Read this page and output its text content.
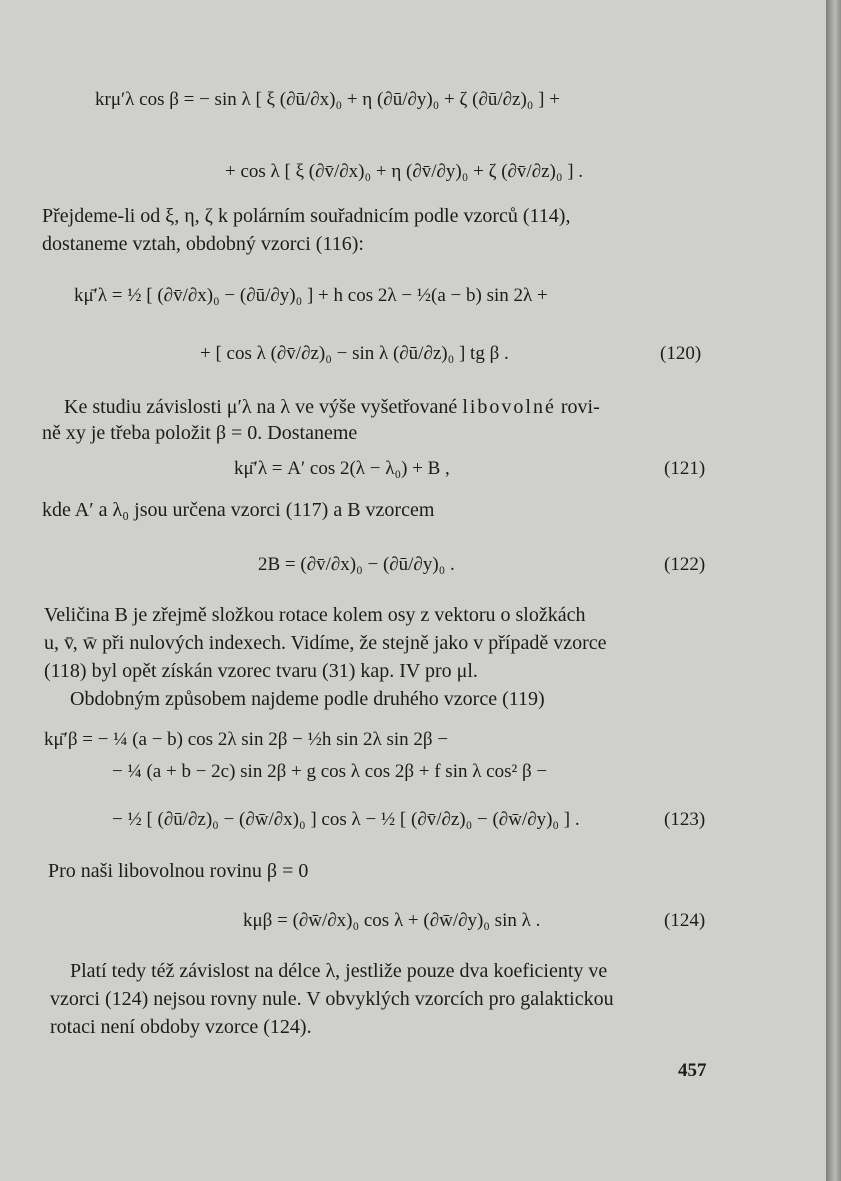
krμ′λ cos β = − sin λ [ ξ (∂ū/∂x)₀ + η (∂ū/∂y)₀ + ζ (∂ū/∂z)₀ ] +
+ cos λ [ ξ (∂v̄/∂x)₀ + η (∂v̄/∂y)₀ + ζ (∂v̄/∂z)₀ ] .
Přejdeme-li od ξ, η, ζ k polárním souřadnicím podle vzorců (114),
dostaneme vztah, obdobný vzorci (116):
kμ̄′λ = ½ [ (∂v̄/∂x)₀ − (∂ū/∂y)₀ ] + h cos 2λ − ½(a − b) sin 2λ +
+ [ cos λ (∂v̄/∂z)₀ − sin λ (∂ū/∂z)₀ ] tg β .	(120)
Ke studiu závislosti μ′λ na λ ve výše vyšetřované libovolné rovi-
ně xy je třeba položit β = 0. Dostaneme
kμ̄′λ = A′ cos 2(λ − λ₀) + B ,	(121)
kde A′ a λ₀ jsou určena vzorci (117) a B vzorcem
2B = (∂v̄/∂x)₀ − (∂ū/∂y)₀ .	(122)
Veličina B je zřejmě složkou rotace kolem osy z vektoru o složkách
u, v̄, w̄ při nulových indexech. Vidíme, že stejně jako v případě vzorce
(118) byl opět získán vzorec tvaru (31) kap. IV pro μl.
Obdobným způsobem najdeme podle druhého vzorce (119)
kμ̄′β = − ¼ (a − b) cos 2λ sin 2β − ½h sin 2λ sin 2β −
− ¼ (a + b − 2c) sin 2β + g cos λ cos 2β + f sin λ cos² β −
− ½ [ (∂ū/∂z)₀ − (∂w̄/∂x)₀ ] cos λ − ½ [ (∂v̄/∂z)₀ − (∂w̄/∂y)₀ ] .	(123)
Pro naši libovolnou rovinu β = 0
kμβ = (∂w̄/∂x)₀ cos λ + (∂w̄/∂y)₀ sin λ .	(124)
Platí tedy též závislost na délce λ, jestliže pouze dva koeficienty ve
vzorci (124) nejsou rovny nule. V obvyklých vzorcích pro galaktickou
rotaci není obdoby vzorce (124).
457
